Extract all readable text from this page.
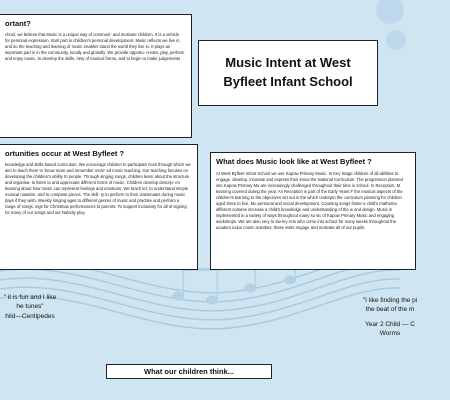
ortant?

chool, we believe that Music is a unique way of communi- and motivate children. It is a vehicle for personal expression, rtant part in children's personal development. Music reflects we live in, and so the teaching and learning of music enables stand the world they live in. It plays an important part in in the community, locally and globally. We provide opportu- create, play, perform and enjoy music, to develop the skills, riety of musical forms, and to begin to make judgements	Music Intent at West
Byfleet Infant School
ortunities occur at West Byfleet ?

knowledge and skills based curriculum. We encourage children to participate nces through which we aim to teach them to 'know more and remember more' ed music teaching. Our teaching focuses on developing the children's ability to people. Through singing songs, children learn about the structure and organisa- to listen to and appreciate different forms of music. Children develop descrip- en learning about how music can represent feelings and emotions. We teach ter, to understand simple musical notation, and to compose pieces. The skill- ty to perform to their classmates during music days if they wish. Weekly singing ages to different genres of music and practise and perform a range of songs. ings for Christmas performances to parents. To support inclusivity for all of signing for many of our songs and our Nativity play.

What does Music look like at West Byfleet ?

At West Byfleet Infant School we use Kapow Primary Music. In Key Stage children of all abilities to engage, develop, innovate and express their know the National Curriculum. The progression planned into Kapow Primary Mu are increasingly challenged throughout their time in school. In Reception, M learning covered during the year. As Reception is part of the Early Years F the musical aspects of the children's learning to the objectives set out in the which underpin the curriculum planning for children aged three to five. Mu personal and social development. Counting songs foster a child's mathema different cultures increase a child's knowledge and understanding of the w and design. Music is implemented in a variety of ways throughout many su sic of Kapow Primary Music and engaging workshops. We are also very lu Surrey Arts who come into school for many weeks throughout the academ icular music activities; these visits engage and motivate all of our pupils.

" it is fun and I like
he tunes"
hild—Centipedes
"I like finding the pi
the beat of the m
Year 2 Child — C
Worms
What our children think...
